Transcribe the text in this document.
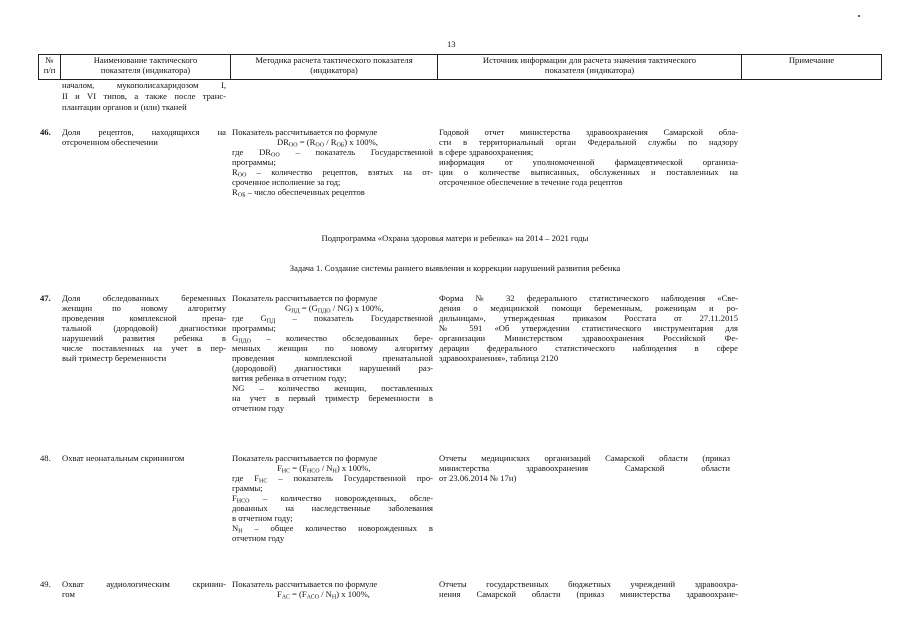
13
№
п/п
Наименование тактического
показателя (индикатора)
Методика расчета тактического показателя
(индикатора)
Источник информации для расчета значения тактического
показателя (индикатора)
Примечание
началом, мукополисахаридозом I,
II и VI типов, а также после транс-
плантации органов и (или) тканей
46. Доля рецептов, находящихся на
отсроченном обеспечении
Показатель рассчитывается по формуле
$DR_{ОО} = (R_{ОО} / R_{ОБ})$ x 100%,
где $DR_{ОО}$ – показатель Государственной
программы;
$R_{ОО}$ – количество рецептов, взятых на от-
сроченное исполнение за год;
$R_{ОБ}$ – число обеспеченных рецептов
Годовой отчет министерства здравоохранения Самарской обла-
сти в территориальный орган Федеральной службы по надзору
в сфере здравоохранения;
информация от уполномоченной фармацевтической организа-
ции о количестве выписанных, обслуженных и поставленных на
отсроченное обеспечение в течение года рецептов
Подпрограмма «Охрана здоровья матери и ребенка» на 2014 – 2021 годы
Задача 1. Создание системы раннего выявления и коррекции нарушений развития ребенка
47. Доля обследованных беременных
женщин по новому алгоритму
проведения комплексной прена-
тальной (дородовой) диагностики
нарушений развития ребенка в
числе поставленных на учет в пер-
вый триместр беременности
Показатель рассчитывается по формуле
$G_{ПД} = (G_{ПДО} / NG)$ x 100%,
где $G_{ПД}$ – показатель Государственной
программы;
$G_{ПДО}$ – количество обследованных бере-
менных женщин по новому алгоритму
проведения комплексной пренатальной
(дородовой) диагностики нарушений раз-
вития ребенка в отчетном году;
NG – количество женщин, поставленных
на учет в первый триместр беременности в
отчетном году
Форма № 32 федерального статистического наблюдения «Све-
дения о медицинской помощи беременным, роженицам и ро-
дильницам», утвержденная приказом Росстата от 27.11.2015
№ 591 «Об утверждении статистического инструментария для
организации Министерством здравоохранения Российской Фе-
дерации федерального статистического наблюдения в сфере
здравоохранения», таблица 2120
48. Охват неонатальным скринингом	Показатель рассчитывается по формуле
$F_{НС} = (F_{НСО} / N_Н)$ x 100%,
где $F_{НС}$ – показатель Государственной про-
граммы;
$F_{НСО}$ – количество новорожденных, обсле-
дованных на наследственные заболевания
в отчетном году;
$N_Н$ – общее количество новорожденных в
отчетном году
Отчеты медицинских организаций Самарской области (приказ
министерства здравоохранения Самарской области
от 23.06.2014 № 17н)
49. Охват аудиологическим скринин-
гом
Показатель рассчитывается по формуле
$F_{АС} = (F_{АСО} / N_Н)$ x 100%,
Отчеты государственных бюджетных учреждений здравоохра-
нения Самарской области (приказ министерства здравоохране-
